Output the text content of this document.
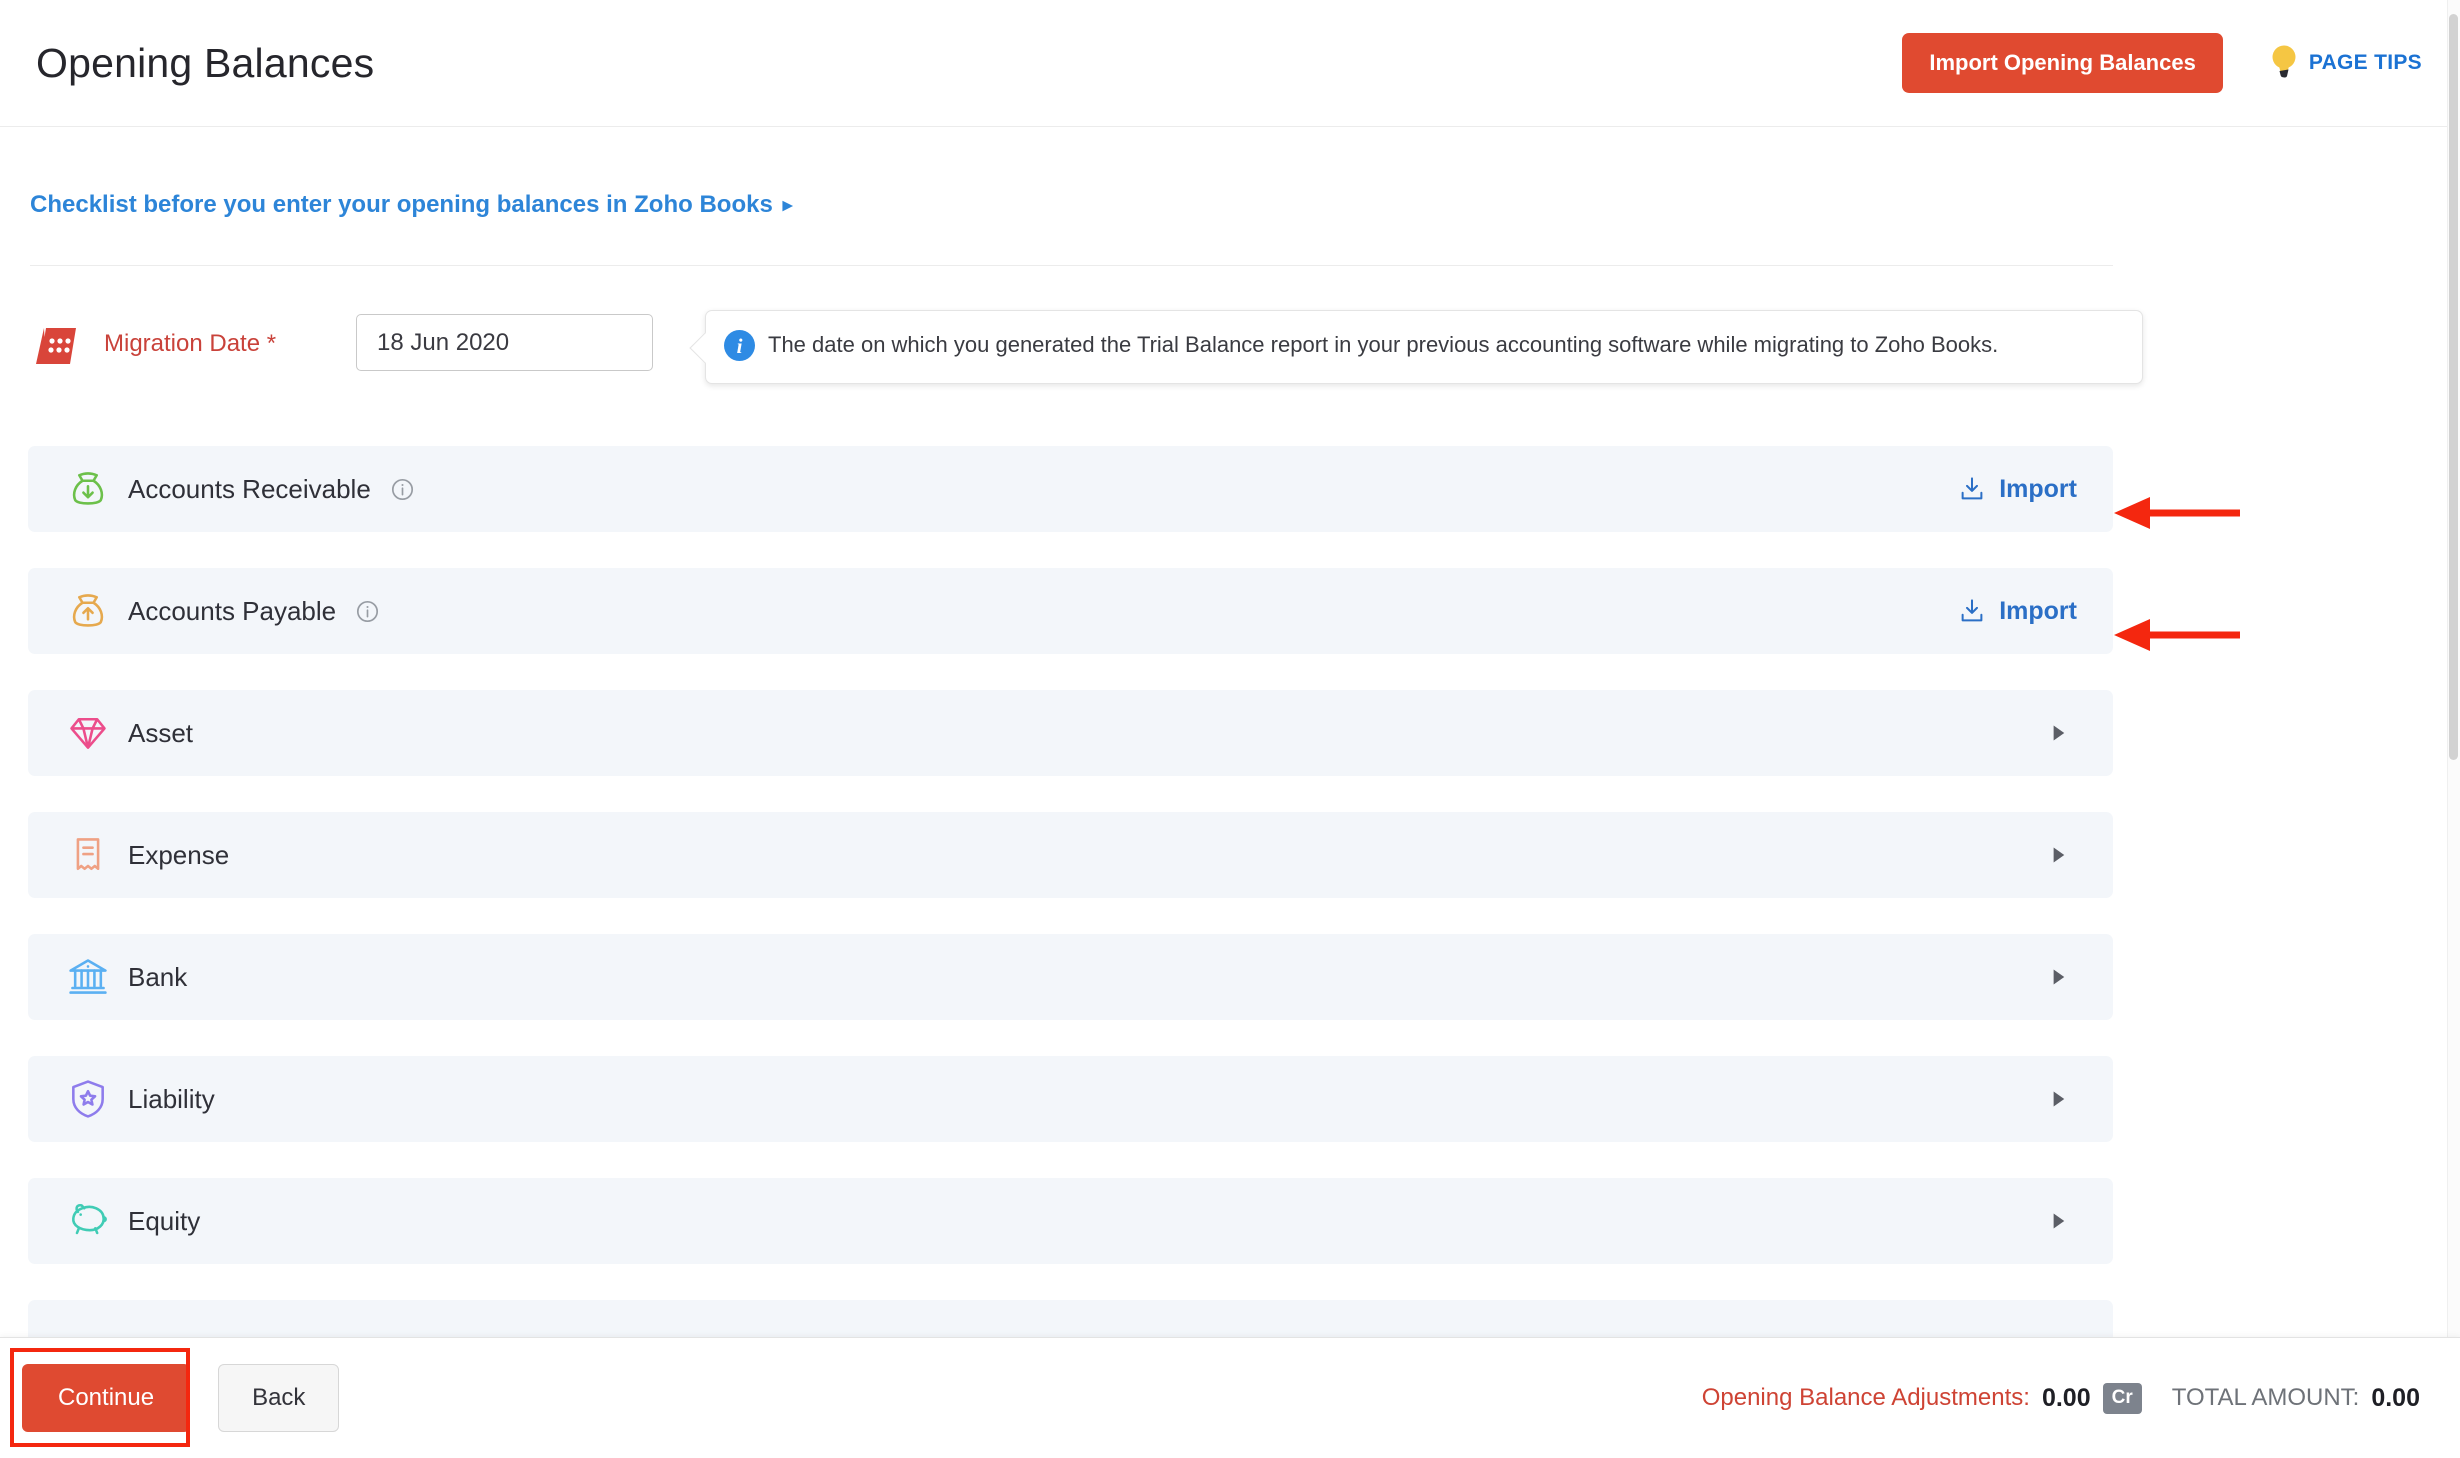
Opening Balances	Import Opening Balances	PAGE TIPS
Checklist before you enter your opening balances in Zoho Books ▸
Migration Date *
18 Jun 2020	i	The date on which you generated the Trial Balance report in your previous accounting software while migrating to Zoho Books.
Accounts Receivable	Import
Accounts Payable	Import
Asset
Expense
Bank
Liability
Equity
Continue	Back	Opening Balance Adjustments: 0.00	Cr	TOTAL AMOUNT: 0.00
